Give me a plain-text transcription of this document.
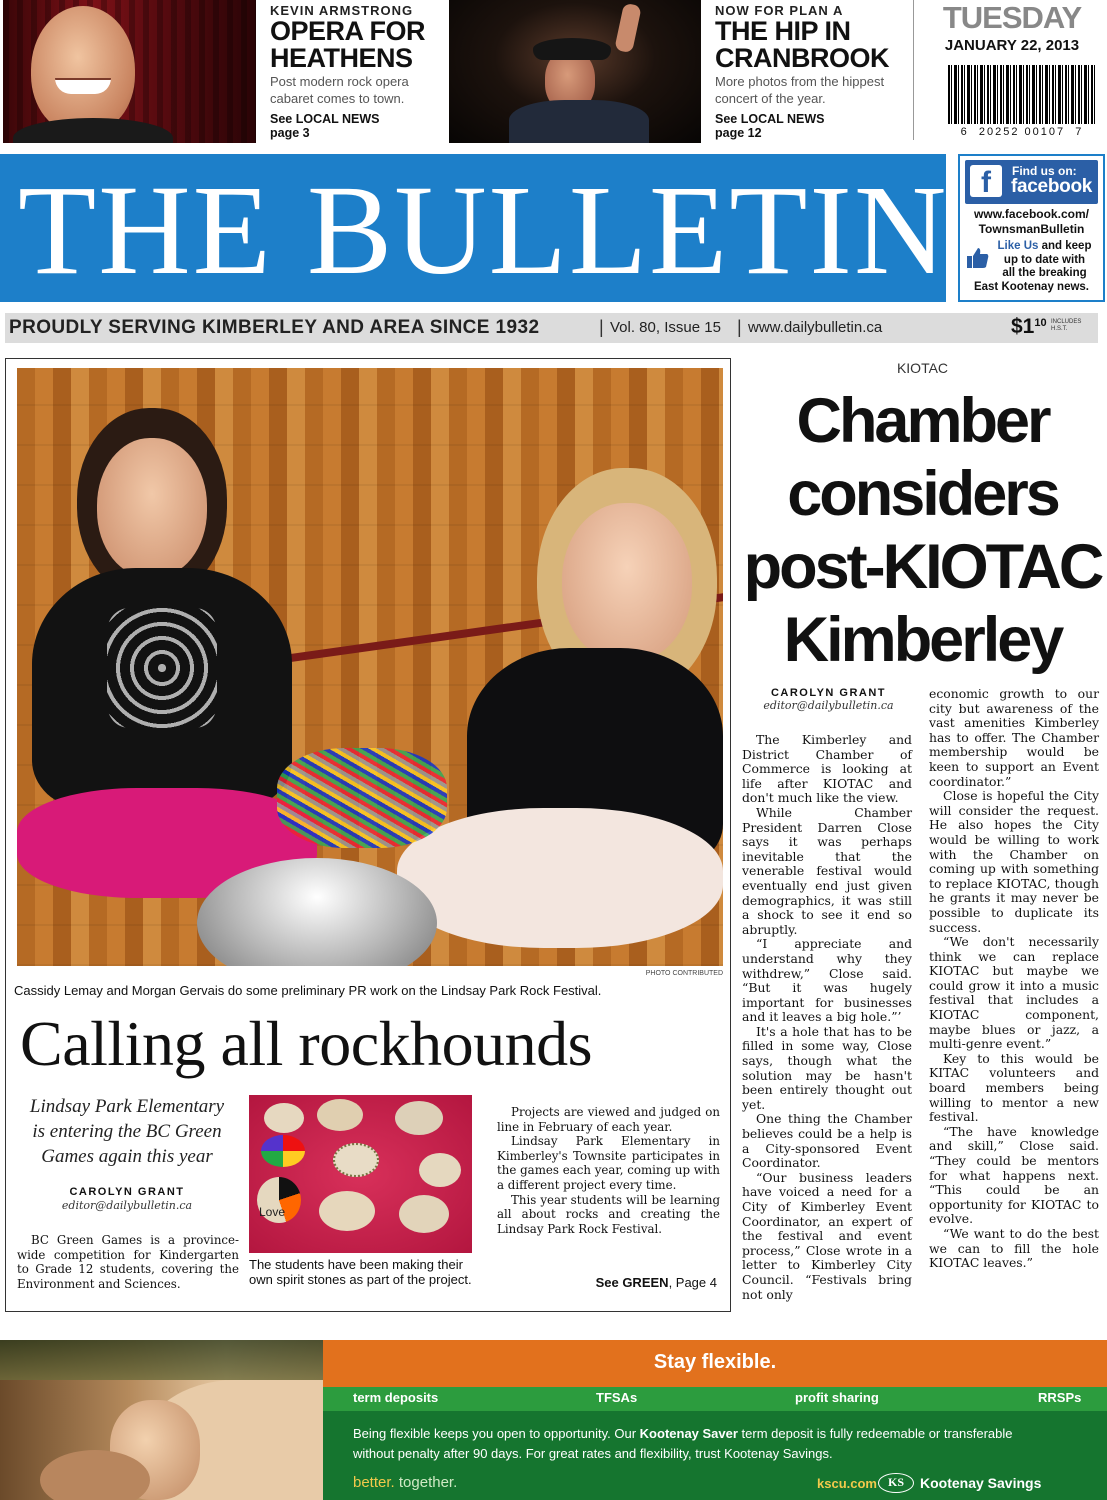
KEVIN ARMSTRONG
OPERA FOR
HEATHENS
Post modern rock opera
cabaret comes to town.
See LOCAL NEWS
page 3
NOW FOR PLAN A
THE HIP IN
CRANBROOK
More photos from the hippest
concert of the year.
See LOCAL NEWS
page 12
TUESDAY
JANUARY 22, 2013
6  20252 00107  7
THE BULLETIN	f	Find us on:
facebook
www.facebook.com/
TownsmanBulletin
Like Us and keep
up to date with
all the breaking
East Kootenay news.
PROUDLY SERVING KIMBERLEY AND AREA SINCE 1932	| Vol. 80, Issue 15 | www.dailybulletin.ca	$\$1^{10}$ INCLUDES
H.S.T.
PHOTO CONTRIBUTED
Cassidy Lemay and Morgan Gervais do some preliminary PR work on the Lindsay Park Rock Festival.
Calling all rockhounds
Lindsay Park Elementary
is entering the BC Green
Games again this year
CAROLYN GRANT
editor@dailybulletin.ca

BC Green Games is a province-wide competition for Kindergarten to Grade 12 students, covering the Environment and Sciences.

Love
The students have been making their own spirit stones as part of the project.

Projects are viewed and judged on line in February of each year.

Lindsay Park Elementary in Kimberley's Townsite participates in the games each year, coming up with a different project every time.

This year students will be learning all about rocks and creating the Lindsay Park Rock Festival.

See GREEN, Page 4
KIOTAC
Chamber
considers
post-KIOTAC
Kimberley
CAROLYN GRANT
editor@dailybulletin.ca

The Kimberley and District Chamber of Commerce is looking at life after KIOTAC and don't much like the view.

While Chamber President Darren Close says it was perhaps inevitable that the venerable festival would eventually end just given demographics, it was still a shock to see it end so abruptly.

“I appreciate and understand why they withdrew,” Close said. “But it was hugely important for businesses and it leaves a big hole.”’

It's a hole that has to be filled in some way, Close says, though what the solution may be hasn't been entirely thought out yet.

One thing the Chamber believes could be a help is a City-sponsored Event Coordinator.

“Our business leaders have voiced a need for a City of Kimberley Event Coordinator, an expert of the festival and event process,” Close wrote in a letter to Kimberley City Council. “Festivals bring not only

economic growth to our city but awareness of the vast amenities Kimberley has to offer. The Chamber membership would be keen to support an Event coordinator.”

Close is hopeful the City will consider the request. He also hopes the City would be willing to work with the Chamber on coming up with something to replace KIOTAC, though he grants it may never be possible to duplicate its success.

“We don't necessarily think we can replace KIOTAC but maybe we could grow it into a music festival that includes a KIOTAC component, maybe blues or jazz, a multi-genre event.”

Key to this would be KITAC volunteers and board members being willing to mentor a new festival.

“The have knowledge and skill,” Close said. “They could be mentors for what happens next. “This could be an opportunity for KIOTAC to evolve.

“We want to do the best we can to fill the hole KIOTAC leaves.”

Stay flexible.
term deposits	TFSAs	profit sharing	RRSPs
Being flexible keeps you open to opportunity. Our Kootenay Saver term deposit is fully redeemable or transferable
without penalty after 90 days. For great rates and flexibility, trust Kootenay Savings.
better. together.	kscu.com KS	Kootenay Savings
